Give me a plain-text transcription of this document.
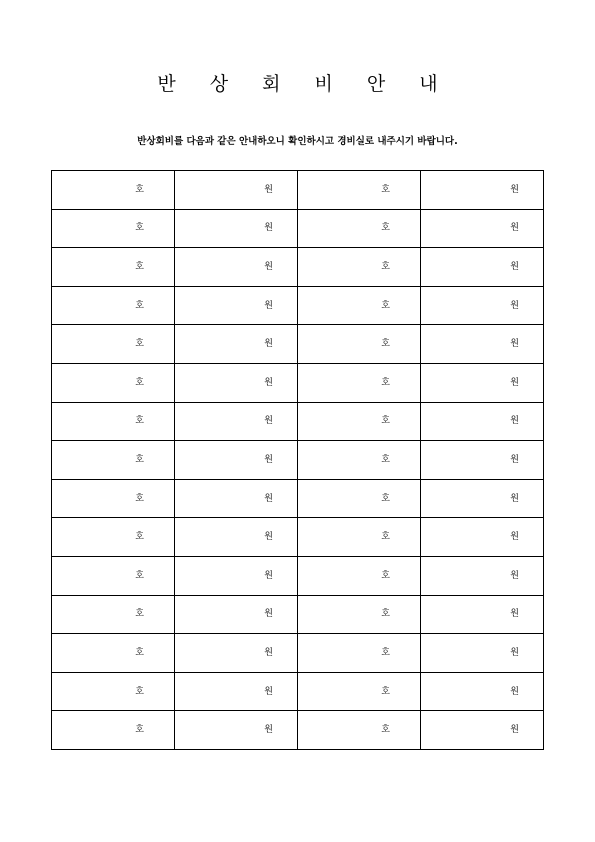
반 상 회 비 안 내
반상회비를 다음과 같은 안내하오니 확인하시고 경비실로 내주시기 바랍니다.
호	원	호	원
호	원	호	원
호	원	호	원
호	원	호	원
호	원	호	원
호	원	호	원
호	원	호	원
호	원	호	원
호	원	호	원
호	원	호	원
호	원	호	원
호	원	호	원
호	원	호	원
호	원	호	원
호	원	호	원
